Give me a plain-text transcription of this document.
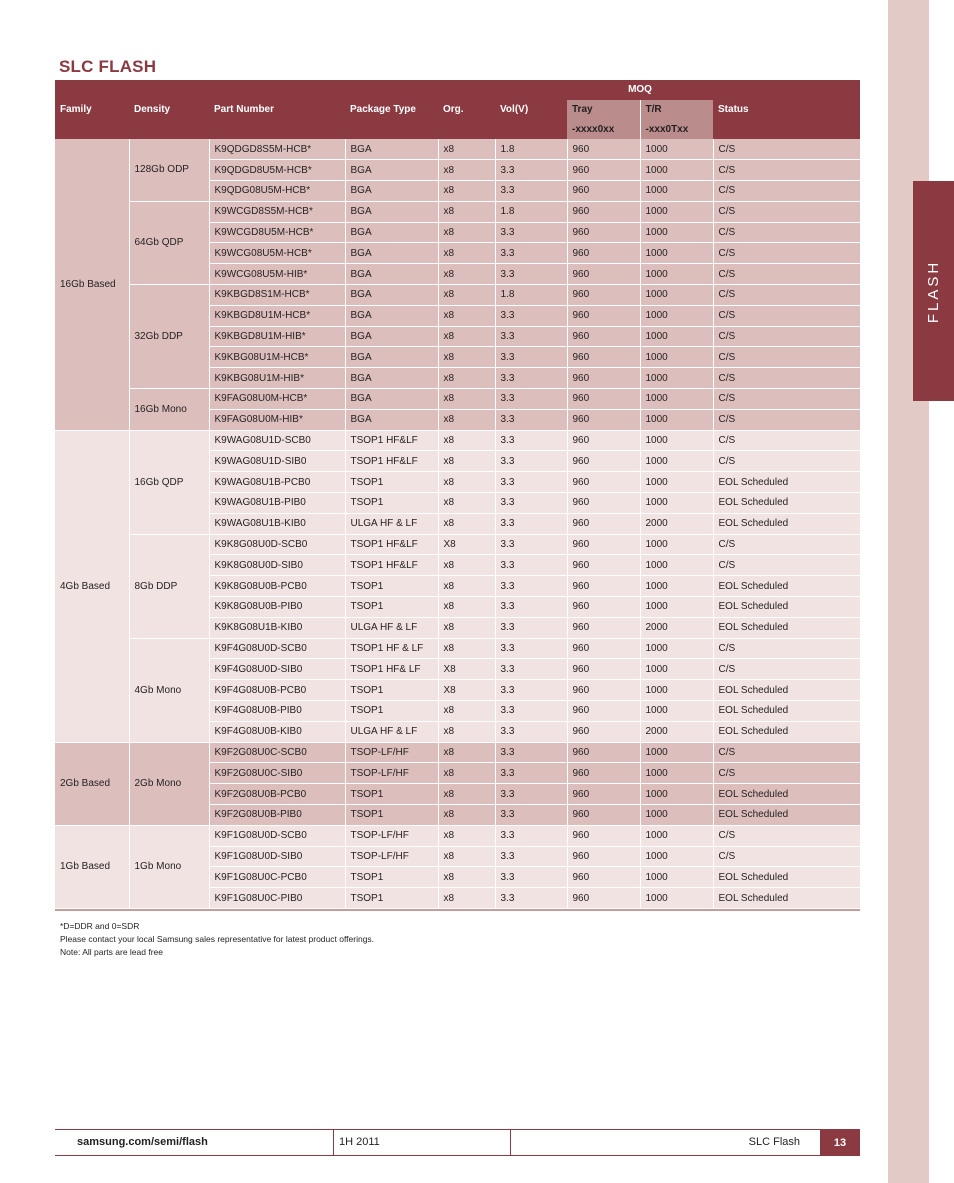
FLASH
SLC FLASH
Family	Density	Part Number	Package Type	Org.	Vol(V)	MOQ		Status
						Tray	T/R	
						-xxxx0xx	-xxx0Txx	
16Gb Based	128Gb ODP	K9QDGD8S5M-HCB*	BGA	x8	1.8	960	1000	C/S
		K9QDGD8U5M-HCB*	BGA	x8	3.3	960	1000	C/S
		K9QDG08U5M-HCB*	BGA	x8	3.3	960	1000	C/S
	64Gb QDP	K9WCGD8S5M-HCB*	BGA	x8	1.8	960	1000	C/S
		K9WCGD8U5M-HCB*	BGA	x8	3.3	960	1000	C/S
		K9WCG08U5M-HCB*	BGA	x8	3.3	960	1000	C/S
		K9WCG08U5M-HIB*	BGA	x8	3.3	960	1000	C/S
	32Gb DDP	K9KBGD8S1M-HCB*	BGA	x8	1.8	960	1000	C/S
		K9KBGD8U1M-HCB*	BGA	x8	3.3	960	1000	C/S
		K9KBGD8U1M-HIB*	BGA	x8	3.3	960	1000	C/S
		K9KBG08U1M-HCB*	BGA	x8	3.3	960	1000	C/S
		K9KBG08U1M-HIB*	BGA	x8	3.3	960	1000	C/S
	16Gb Mono	K9FAG08U0M-HCB*	BGA	x8	3.3	960	1000	C/S
		K9FAG08U0M-HIB*	BGA	x8	3.3	960	1000	C/S
4Gb Based	16Gb QDP	K9WAG08U1D-SCB0	TSOP1 HF&LF	x8	3.3	960	1000	C/S
		K9WAG08U1D-SIB0	TSOP1 HF&LF	x8	3.3	960	1000	C/S
		K9WAG08U1B-PCB0	TSOP1	x8	3.3	960	1000	EOL Scheduled
		K9WAG08U1B-PIB0	TSOP1	x8	3.3	960	1000	EOL Scheduled
		K9WAG08U1B-KIB0	ULGA HF & LF	x8	3.3	960	2000	EOL Scheduled
	8Gb DDP	K9K8G08U0D-SCB0	TSOP1 HF&LF	X8	3.3	960	1000	C/S
		K9K8G08U0D-SIB0	TSOP1 HF&LF	x8	3.3	960	1000	C/S
		K9K8G08U0B-PCB0	TSOP1	x8	3.3	960	1000	EOL Scheduled
		K9K8G08U0B-PIB0	TSOP1	x8	3.3	960	1000	EOL Scheduled
		K9K8G08U1B-KIB0	ULGA HF & LF	x8	3.3	960	2000	EOL Scheduled
	4Gb Mono	K9F4G08U0D-SCB0	TSOP1 HF & LF	x8	3.3	960	1000	C/S
		K9F4G08U0D-SIB0	TSOP1 HF& LF	X8	3.3	960	1000	C/S
		K9F4G08U0B-PCB0	TSOP1	X8	3.3	960	1000	EOL Scheduled
		K9F4G08U0B-PIB0	TSOP1	x8	3.3	960	1000	EOL Scheduled
		K9F4G08U0B-KIB0	ULGA HF & LF	x8	3.3	960	2000	EOL Scheduled
2Gb Based	2Gb Mono	K9F2G08U0C-SCB0	TSOP-LF/HF	x8	3.3	960	1000	C/S
		K9F2G08U0C-SIB0	TSOP-LF/HF	x8	3.3	960	1000	C/S
		K9F2G08U0B-PCB0	TSOP1	x8	3.3	960	1000	EOL Scheduled
		K9F2G08U0B-PIB0	TSOP1	x8	3.3	960	1000	EOL Scheduled
1Gb Based	1Gb Mono	K9F1G08U0D-SCB0	TSOP-LF/HF	x8	3.3	960	1000	C/S
		K9F1G08U0D-SIB0	TSOP-LF/HF	x8	3.3	960	1000	C/S
		K9F1G08U0C-PCB0	TSOP1	x8	3.3	960	1000	EOL Scheduled
		K9F1G08U0C-PIB0	TSOP1	x8	3.3	960	1000	EOL Scheduled

*D=DDR and 0=SDR
Please contact your local Samsung sales representative for latest product offerings.
Note: All parts are lead free
samsung.com/semi/flash	1H 2011	SLC Flash	13
